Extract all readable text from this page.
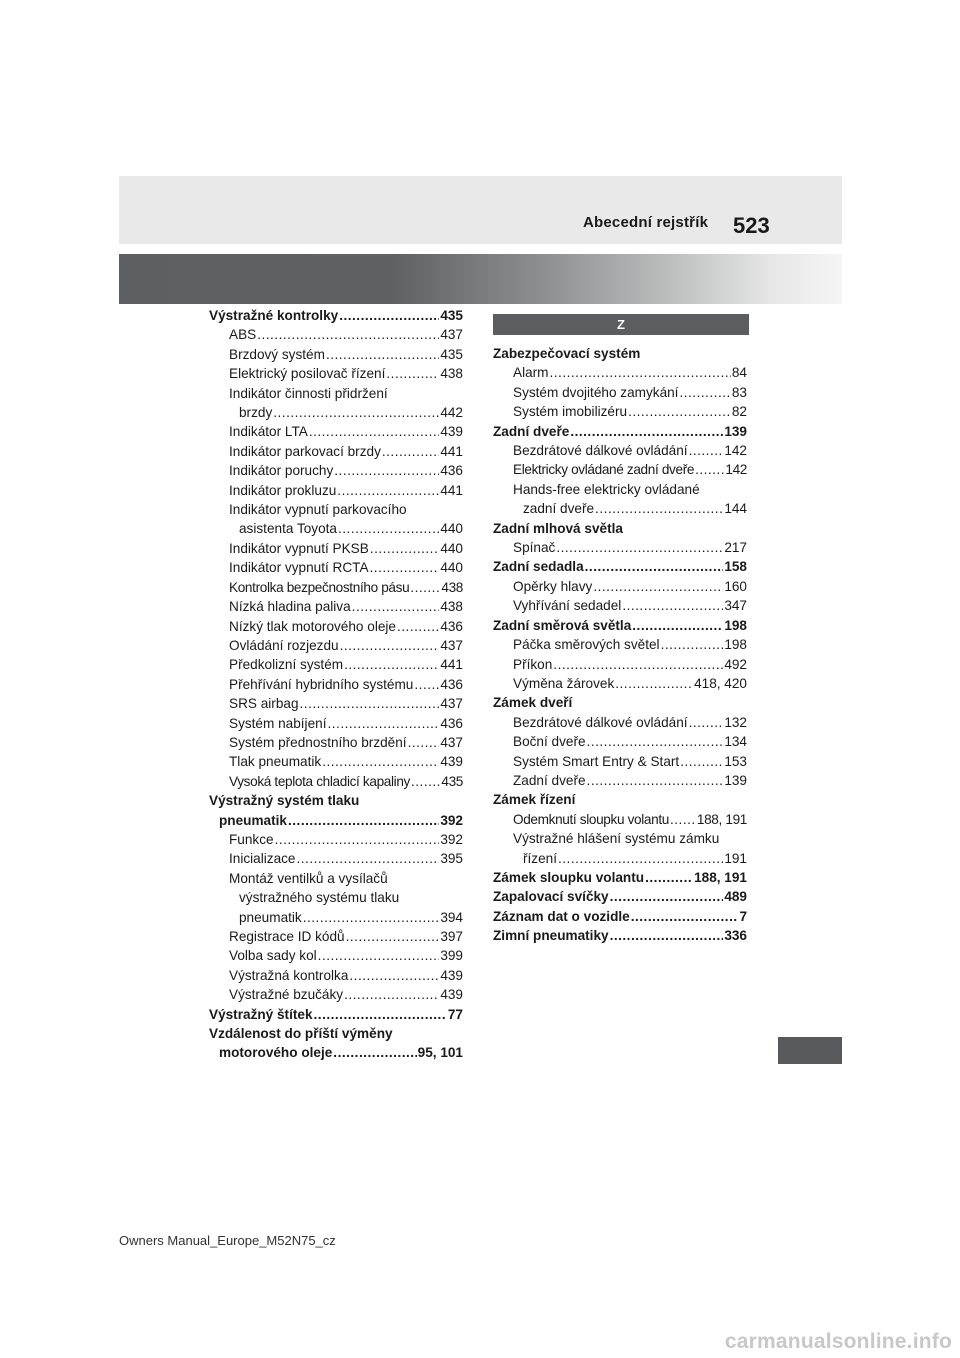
Abecední rejstřík 523
Výstražné kontrolky .....	435
ABS .....	437
Brzdový systém .....	435
Elektrický posilovač řízení .....	438
Indikátor činnosti přidržení
brzdy .....	442
Indikátor LTA .....	439
Indikátor parkovací brzdy .....	441
Indikátor poruchy .....	436
Indikátor prokluzu .....	441
Indikátor vypnutí parkovacího
asistenta Toyota .....	440
Indikátor vypnutí PKSB .....	440
Indikátor vypnutí RCTA .....	440
Kontrolka bezpečnostního pásu ..... 438
Nízká hladina paliva .....	438
Nízký tlak motorového oleje .....	436
Ovládání rozjezdu .....	437
Předkolizní systém .....	441
Přehřívání hybridního systému ..... 436
SRS airbag .....	437
Systém nabíjení .....	436
Systém přednostního brzdění ..... 437
Tlak pneumatik .....	439
Vysoká teplota chladicí kapaliny ..... 435
Výstražný systém tlaku
pneumatik .....	392
Funkce .....	392
Inicializace .....	395
Montáž ventilků a vysílačů
výstražného systému tlaku
pneumatik .....	394
Registrace ID kódů .....	397
Volba sady kol .....	399
Výstražná kontrolka .....	439
Výstražné bzučáky .....	439
Výstražný štítek .....	77
Vzdálenost do příští výměny
motorového oleje .....	95, 101
Z
Zabezpečovací systém
Alarm .....	84
Systém dvojitého zamykání .....	83
Systém imobilizéru .....	82
Zadní dveře .....	139
Bezdrátové dálkové ovládání .....	142
Elektricky ovládané zadní dveře ..... 142
Hands-free elektricky ovládané
zadní dveře .....	144
Zadní mlhová světla
Spínač .....	217
Zadní sedadla .....	158
Opěrky hlavy .....	160
Vyhřívání sedadel .....	347
Zadní směrová světla .....	198
Páčka směrových světel .....	198
Příkon .....	492
Výměna žárovek .....	418, 420
Zámek dveří
Bezdrátové dálkové ovládání .....	132
Boční dveře .....	134
Systém Smart Entry & Start .....	153
Zadní dveře .....	139
Zámek řízení
Odemknutí sloupku volantu ..... 188, 191
Výstražné hlášení systému zámku
řízení .....	191
Zámek sloupku volantu .....	188, 191
Zapalovací svíčky .....	489
Záznam dat o vozidle .....	7
Zimní pneumatiky .....	336
Owners Manual_Europe_M52N75_cz
carmanualsonline.info
